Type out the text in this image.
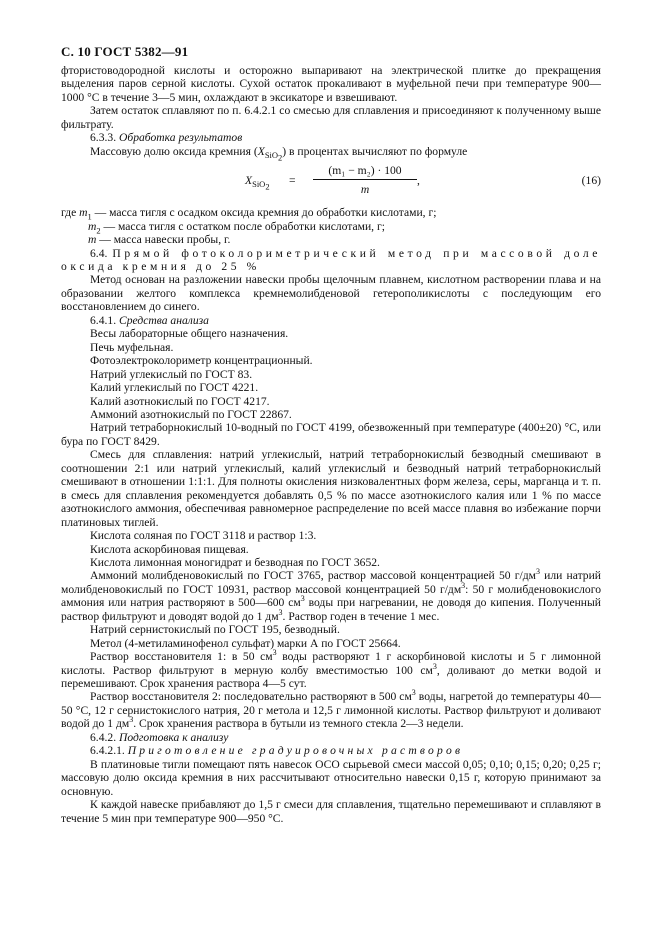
С. 10 ГОСТ 5382—91

фтористоводородной кислоты и осторожно выпаривают на электрической плитке до прекращения выделения паров серной кислоты. Сухой остаток прокаливают в муфельной печи при температуре 900—1000 °С в течение 3—5 мин, охлаждают в эксикаторе и взвешивают.

Затем остаток сплавляют по п. 6.4.2.1 со смесью для сплавления и присоединяют к полученному выше фильтрату.

6.3.3. Обработка результатов

Массовую долю оксида кремния $(X_{SiO_2})$ в процентах вычисляют по формуле

$X_{SiO_2}$ =
(m₁ − m₂) · 100
m
,	(16)

где $m_1$ — масса тигля с осадком оксида кремния до обработки кислотами, г;

$m_2$ — масса тигля с остатком после обработки кислотами, г;

m — масса навески пробы, г.

6.4. Прямой фотоколориметрический метод при массовой доле оксида кремния до 25 %

Метод основан на разложении навески пробы щелочным плавнем, кислотном растворении плава и на образовании желтого комплекса кремнемолибденовой гетерополикислоты с последующим его восстановлением до синего.

6.4.1. Средства анализа

Весы лабораторные общего назначения.

Печь муфельная.

Фотоэлектроколориметр концентрационный.

Натрий углекислый по ГОСТ 83.

Калий углекислый по ГОСТ 4221.

Калий азотнокислый по ГОСТ 4217.

Аммоний азотнокислый по ГОСТ 22867.

Натрий тетраборнокислый 10-водный по ГОСТ 4199, обезвоженный при температуре (400±20) °С, или бура по ГОСТ 8429.

Смесь для сплавления: натрий углекислый, натрий тетраборнокислый безводный смешивают в соотношении 2:1 или натрий углекислый, калий углекислый и безводный натрий тетраборнокислый смешивают в отношении 1:1:1. Для полноты окисления низковалентных форм железа, серы, марганца и т. п. в смесь для сплавления рекомендуется добавлять 0,5 % по массе азотнокислого калия или 1 % по массе азотнокислого аммония, обеспечивая равномерное распределение по всей массе плавня во избежание порчи платиновых тиглей.

Кислота соляная по ГОСТ 3118 и раствор 1:3.

Кислота аскорбиновая пищевая.

Кислота лимонная моногидрат и безводная по ГОСТ 3652.

Аммоний молибденовокислый по ГОСТ 3765, раствор массовой концентрацией 50 $г/дм^3$ или натрий молибденовокислый по ГОСТ 10931, раствор массовой концентрацией 50 $г/дм^3$: 50 г молибденовокислого аммония или натрия растворяют в 500—600 $см^3$ воды при нагревании, не доводя до кипения. Полученный раствор фильтруют и доводят водой до 1 $дм^3$. Раствор годен в течение 1 мес.

Натрий сернистокислый по ГОСТ 195, безводный.

Метол (4-метиламинофенол сульфат) марки А по ГОСТ 25664.

Раствор восстановителя 1: в 50 $см^3$ воды растворяют 1 г аскорбиновой кислоты и 5 г лимонной кислоты. Раствор фильтруют в мерную колбу вместимостью 100 $см^3$, доливают до метки водой и перемешивают. Срок хранения раствора 4—5 сут.

Раствор восстановителя 2: последовательно растворяют в 500 $см^3$ воды, нагретой до температуры 40—50 °С, 12 г сернистокислого натрия, 20 г метола и 12,5 г лимонной кислоты. Раствор фильтруют и доливают водой до 1 $дм^3$. Срок хранения раствора в бутыли из темного стекла 2—3 недели.

6.4.2. Подготовка к анализу

6.4.2.1. Приготовление градуировочных растворов

В платиновые тигли помещают пять навесок ОСО сырьевой смеси массой 0,05; 0,10; 0,15; 0,20; 0,25 г; массовую долю оксида кремния в них рассчитывают относительно навески 0,15 г, которую принимают за основную.

К каждой навеске прибавляют до 1,5 г смеси для сплавления, тщательно перемешивают и сплавляют в течение 5 мин при температуре 900—950 °С.
